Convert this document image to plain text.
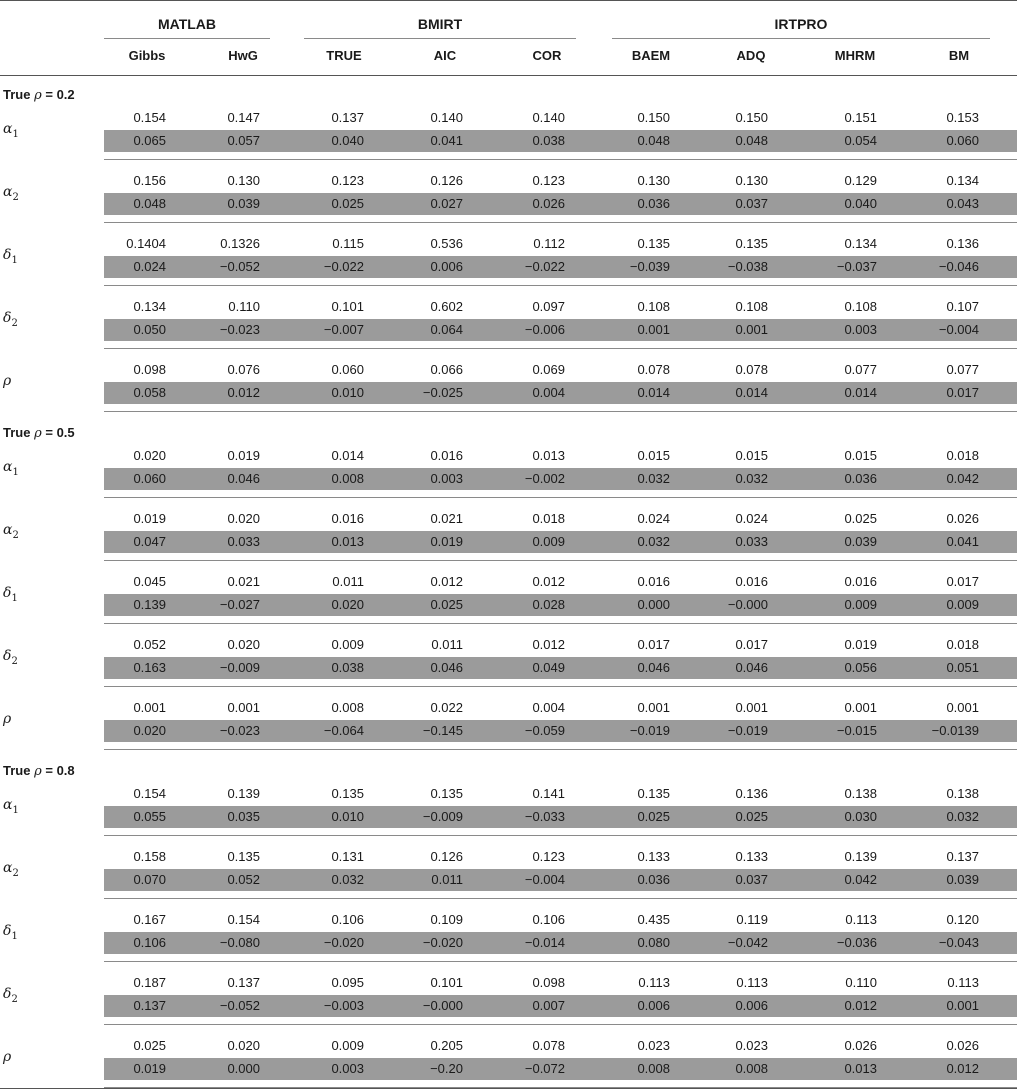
MATLAB	BMIRT	IRTPRO
Gibbs	HwG	TRUE	AIC	COR	BAEM	ADQ	MHRM	BM
True ρ = 0.2
$\alpha_1$
0.154	0.147	0.137	0.140	0.140	0.150	0.150	0.151	0.153
0.065	0.057	0.040	0.041	0.038	0.048	0.048	0.054	0.060
$\alpha_2$
0.156	0.130	0.123	0.126	0.123	0.130	0.130	0.129	0.134
0.048	0.039	0.025	0.027	0.026	0.036	0.037	0.040	0.043
$\delta_1$
0.1404	0.1326	0.115	0.536	0.112	0.135	0.135	0.134	0.136
0.024	−0.052	−0.022	0.006	−0.022	−0.039	−0.038	−0.037	−0.046
$\delta_2$
0.134	0.110	0.101	0.602	0.097	0.108	0.108	0.108	0.107
0.050	−0.023	−0.007	0.064	−0.006	0.001	0.001	0.003	−0.004
ρ
0.098	0.076	0.060	0.066	0.069	0.078	0.078	0.077	0.077
0.058	0.012	0.010	−0.025	0.004	0.014	0.014	0.014	0.017
True ρ = 0.5
$\alpha_1$
0.020	0.019	0.014	0.016	0.013	0.015	0.015	0.015	0.018
0.060	0.046	0.008	0.003	−0.002	0.032	0.032	0.036	0.042
$\alpha_2$
0.019	0.020	0.016	0.021	0.018	0.024	0.024	0.025	0.026
0.047	0.033	0.013	0.019	0.009	0.032	0.033	0.039	0.041
$\delta_1$
0.045	0.021	0.011	0.012	0.012	0.016	0.016	0.016	0.017
0.139	−0.027	0.020	0.025	0.028	0.000	−0.000	0.009	0.009
$\delta_2$
0.052	0.020	0.009	0.011	0.012	0.017	0.017	0.019	0.018
0.163	−0.009	0.038	0.046	0.049	0.046	0.046	0.056	0.051
ρ
0.001	0.001	0.008	0.022	0.004	0.001	0.001	0.001	0.001
0.020	−0.023	−0.064	−0.145	−0.059	−0.019	−0.019	−0.015	−0.0139
True ρ = 0.8
$\alpha_1$
0.154	0.139	0.135	0.135	0.141	0.135	0.136	0.138	0.138
0.055	0.035	0.010	−0.009	−0.033	0.025	0.025	0.030	0.032
$\alpha_2$
0.158	0.135	0.131	0.126	0.123	0.133	0.133	0.139	0.137
0.070	0.052	0.032	0.011	−0.004	0.036	0.037	0.042	0.039
$\delta_1$
0.167	0.154	0.106	0.109	0.106	0.435	0.119	0.113	0.120
0.106	−0.080	−0.020	−0.020	−0.014	0.080	−0.042	−0.036	−0.043
$\delta_2$
0.187	0.137	0.095	0.101	0.098	0.113	0.113	0.110	0.113
0.137	−0.052	−0.003	−0.000	0.007	0.006	0.006	0.012	0.001
ρ
0.025	0.020	0.009	0.205	0.078	0.023	0.023	0.026	0.026
0.019	0.000	0.003	−0.20	−0.072	0.008	0.008	0.013	0.012
